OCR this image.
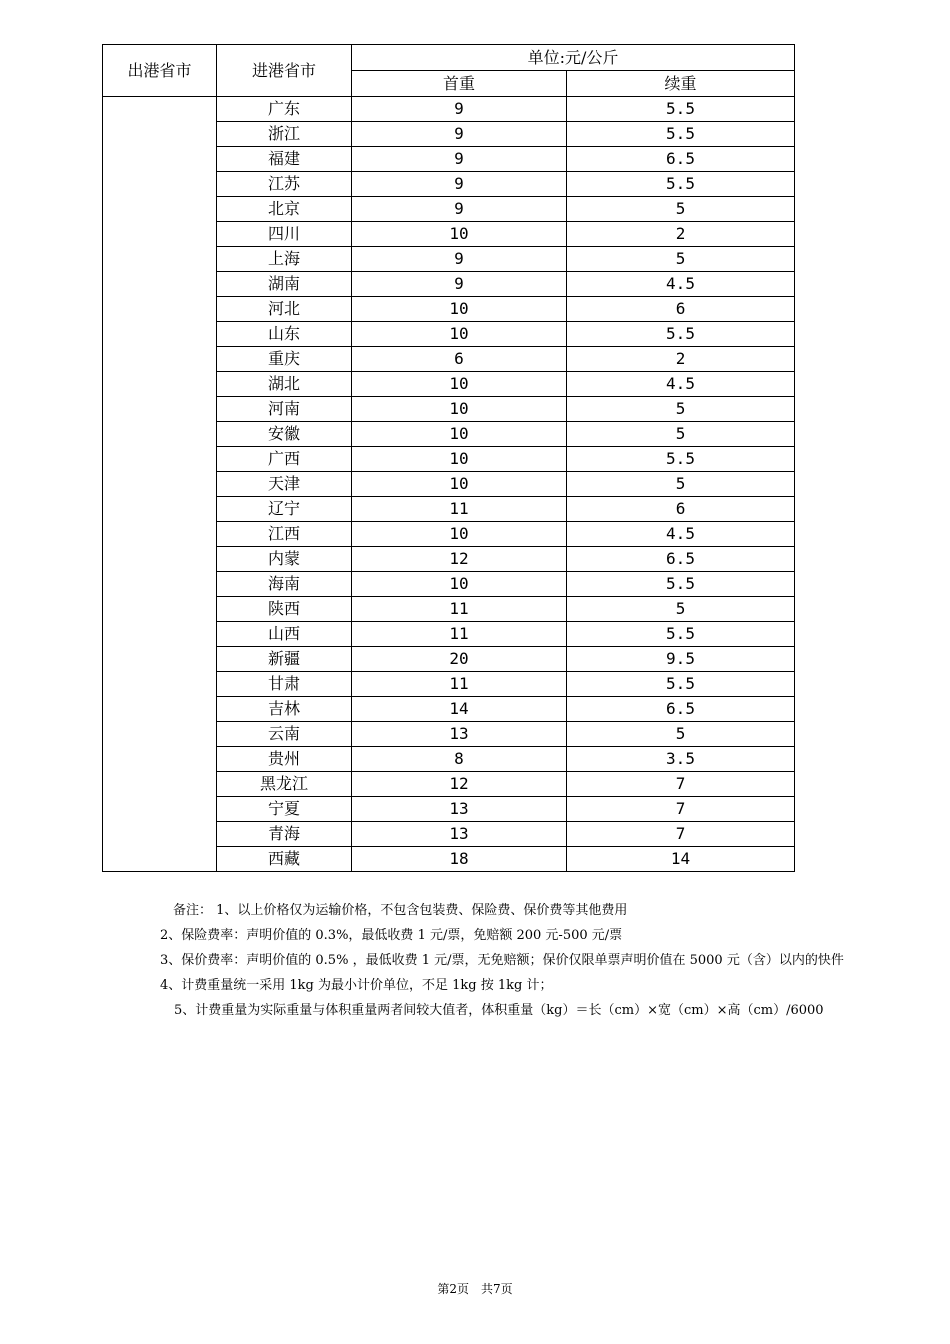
出港省市	进港省市	单位:元/公斤	
		首重	续重
	广东	9	5.5
	浙江	9	5.5
	福建	9	6.5
	江苏	9	5.5
	北京	9	5
	四川	10	2
	上海	9	5
	湖南	9	4.5
	河北	10	6
	山东	10	5.5
	重庆	6	2
	湖北	10	4.5
	河南	10	5
	安徽	10	5
	广西	10	5.5
	天津	10	5
	辽宁	11	6
	江西	10	4.5
	内蒙	12	6.5
	海南	10	5.5
	陕西	11	5
	山西	11	5.5
	新疆	20	9.5
	甘肃	11	5.5
	吉林	14	6.5
	云南	13	5
	贵州	8	3.5
	黑龙江	12	7
	宁夏	13	7
	青海	13	7
	西藏	18	14
备注： 1、以上价格仅为运输价格，不包含包装费、保险费、保价费等其他费用
2、保险费率：声明价值的 0.3%，最低收费 1 元/票，免赔额 200 元-500 元/票
3、保价费率：声明价值的 0.5% ，最低收费 1 元/票，无免赔额；保价仅限单票声明价值在 5000 元（含）以内的快件
4、计费重量统一采用 1kg 为最小计价单位，不足 1kg 按 1kg 计；
5、计费重量为实际重量与体积重量两者间较大值者，体积重量（kg）＝长（cm）×宽（cm）×高（cm）/6000
第2页　共7页
